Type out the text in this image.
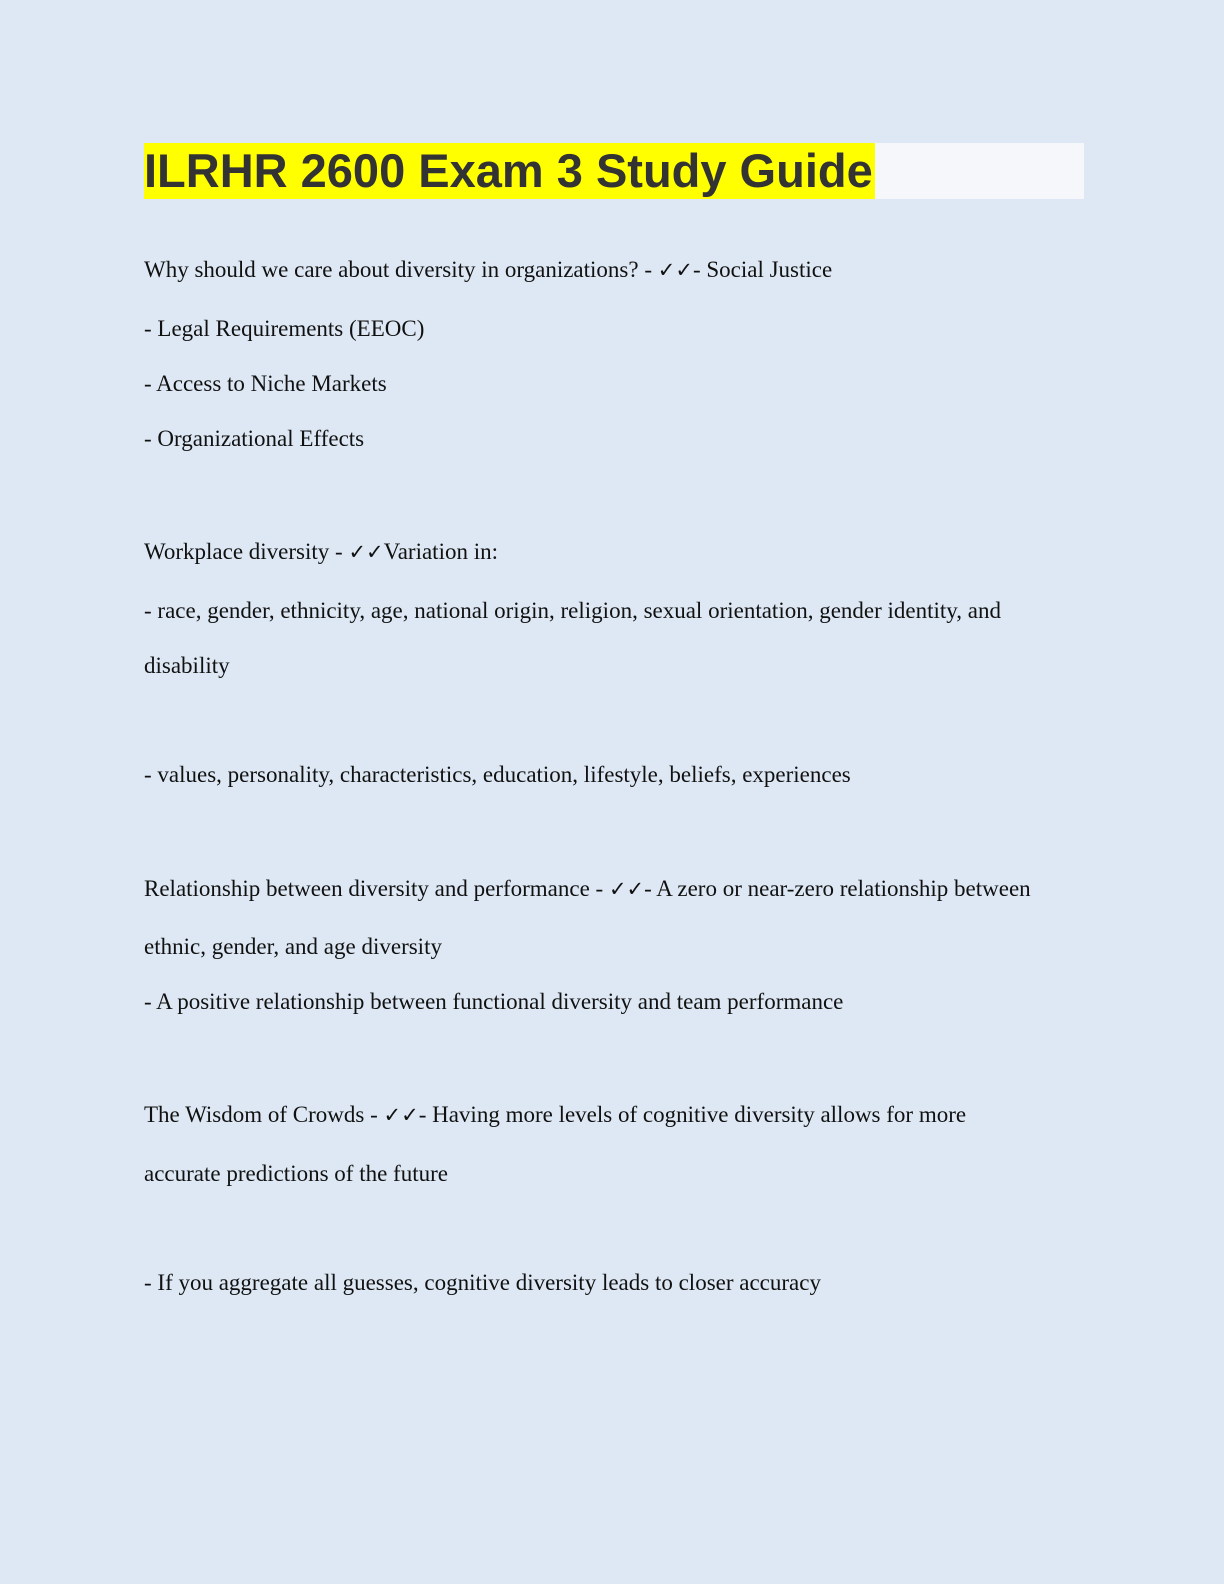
ILRHR 2600 Exam 3 Study Guide

Why should we care about diversity in organizations? - ✓✓- Social Justice

- Legal Requirements (EEOC)

- Access to Niche Markets

- Organizational Effects

Workplace diversity - ✓✓Variation in:

- race, gender, ethnicity, age, national origin, religion, sexual orientation, gender identity, and

disability

- values, personality, characteristics, education, lifestyle, beliefs, experiences

Relationship between diversity and performance - ✓✓- A zero or near-zero relationship between

ethnic, gender, and age diversity

- A positive relationship between functional diversity and team performance

The Wisdom of Crowds - ✓✓- Having more levels of cognitive diversity allows for more

accurate predictions of the future

- If you aggregate all guesses, cognitive diversity leads to closer accuracy
